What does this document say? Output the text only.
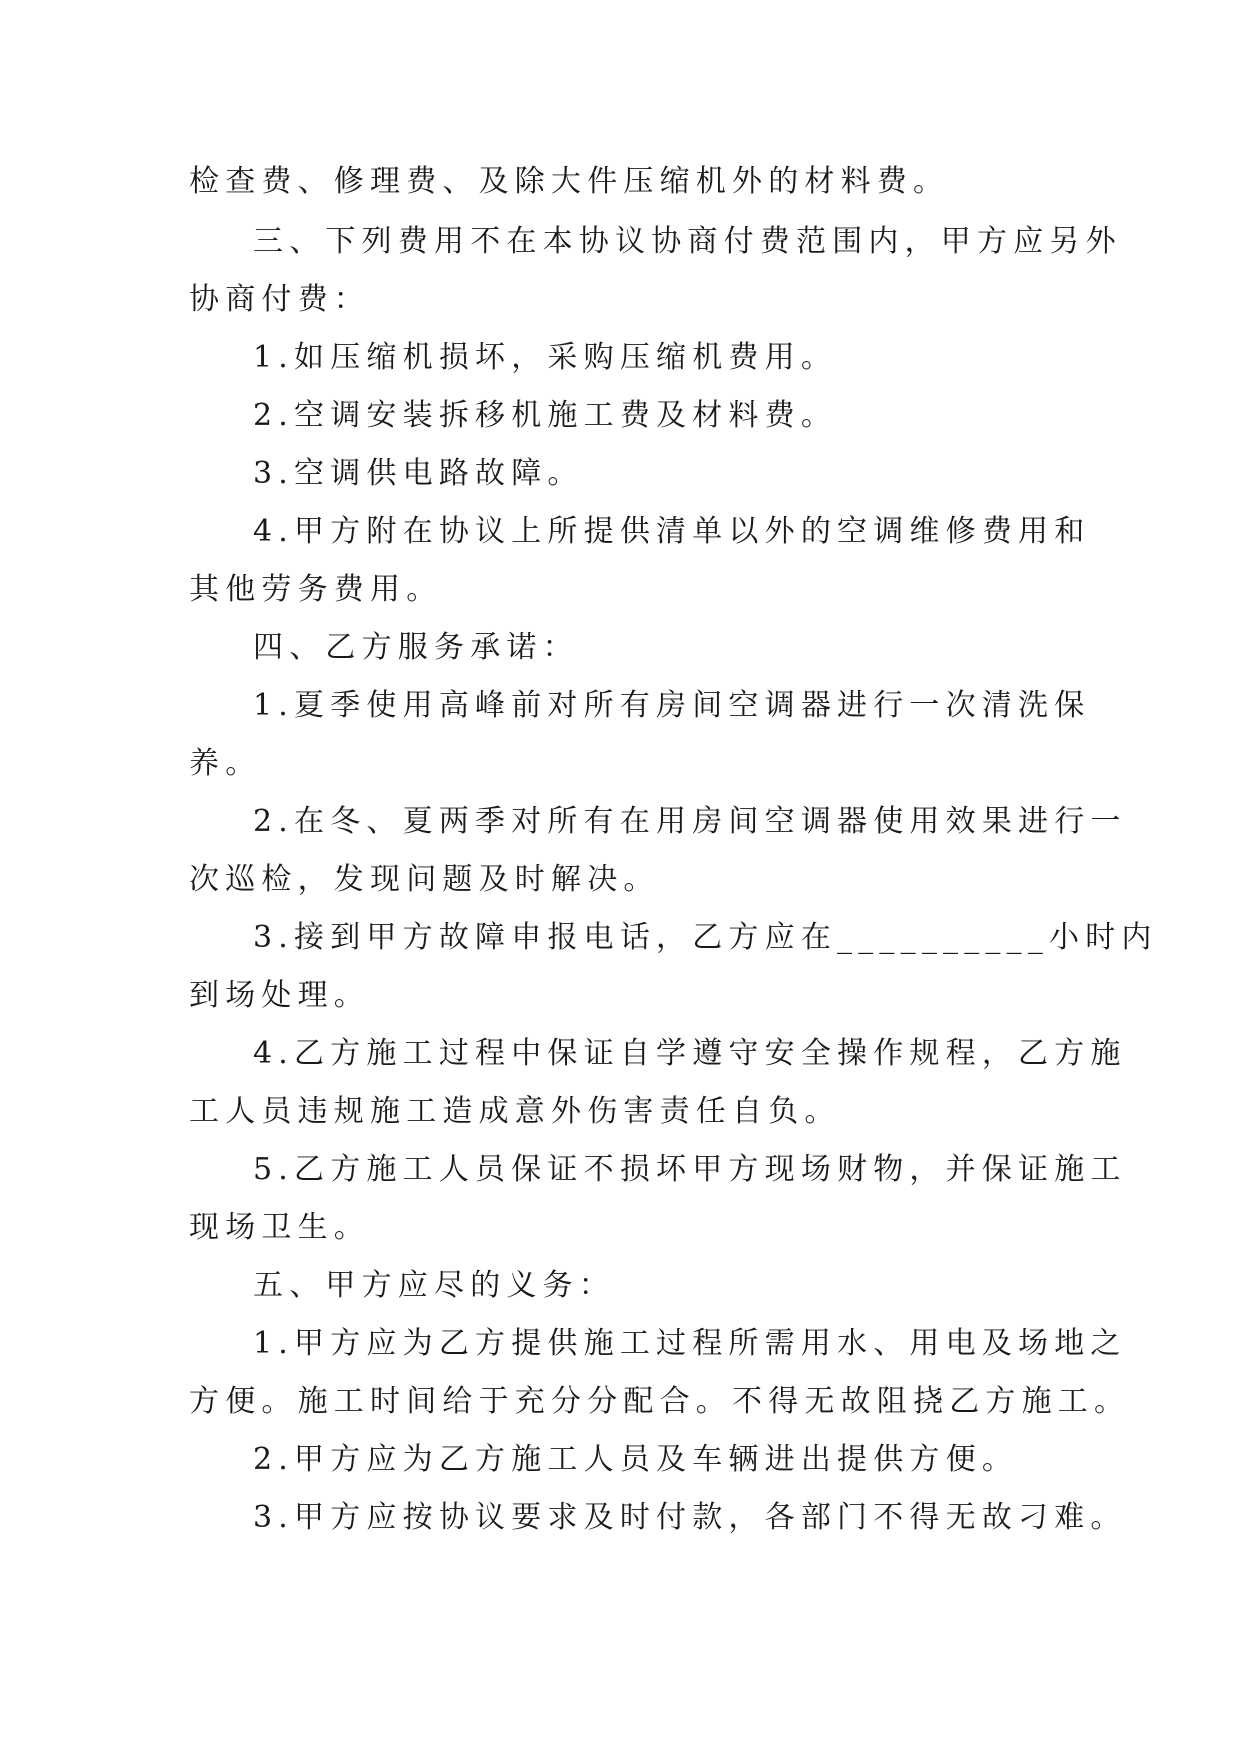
检查费、修理费、及除大件压缩机外的材料费。
三、下列费用不在本协议协商付费范围内，甲方应另外
协商付费：
1.如压缩机损坏，采购压缩机费用。
2.空调安装拆移机施工费及材料费。
3.空调供电路故障。
4.甲方附在协议上所提供清单以外的空调维修费用和
其他劳务费用。
四、乙方服务承诺：
1.夏季使用高峰前对所有房间空调器进行一次清洗保
养。
2.在冬、夏两季对所有在用房间空调器使用效果进行一
次巡检，发现问题及时解决。
3.接到甲方故障申报电话，乙方应在__________小时内
到场处理。
4.乙方施工过程中保证自学遵守安全操作规程，乙方施
工人员违规施工造成意外伤害责任自负。
5.乙方施工人员保证不损坏甲方现场财物，并保证施工
现场卫生。
五、甲方应尽的义务：
1.甲方应为乙方提供施工过程所需用水、用电及场地之
方便。施工时间给于充分分配合。不得无故阻挠乙方施工。
2.甲方应为乙方施工人员及车辆进出提供方便。
3.甲方应按协议要求及时付款，各部门不得无故刁难。
